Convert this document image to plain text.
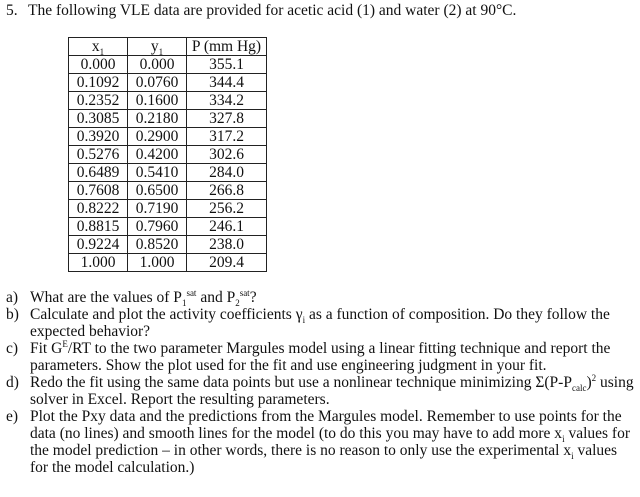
5. The following VLE data are provided for acetic acid (1) and water (2) at 90°C.
$x_1$	$y_1$	P (mm Hg)
0.000	0.000	355.1
0.1092	0.0760	344.4
0.2352	0.1600	334.2
0.3085	0.2180	327.8
0.3920	0.2900	317.2
0.5276	0.4200	302.6
0.6489	0.5410	284.0
0.7608	0.6500	266.8
0.8222	0.7190	256.2
0.8815	0.7960	246.1
0.9224	0.8520	238.0
1.000	1.000	209.4

a) What are the values of $P_1^{sat}$ and $P_2^{sat}$?

b) Calculate and plot the activity coefficients $\gamma_i$ as a function of composition. Do they follow the expected behavior?

c) Fit $G^E/RT$ to the two parameter Margules model using a linear fitting technique and report the parameters. Show the plot used for the fit and use engineering judgment in your fit.

d) Redo the fit using the same data points but use a nonlinear technique minimizing $\Sigma(P-P_{calc})^2$ using solver in Excel. Report the resulting parameters.

e) Plot the Pxy data and the predictions from the Margules model. Remember to use points for the data (no lines) and smooth lines for the model (to do this you may have to add more $x_i$ values for the model prediction – in other words, there is no reason to only use the experimental $x_i$ values for the model calculation.)
